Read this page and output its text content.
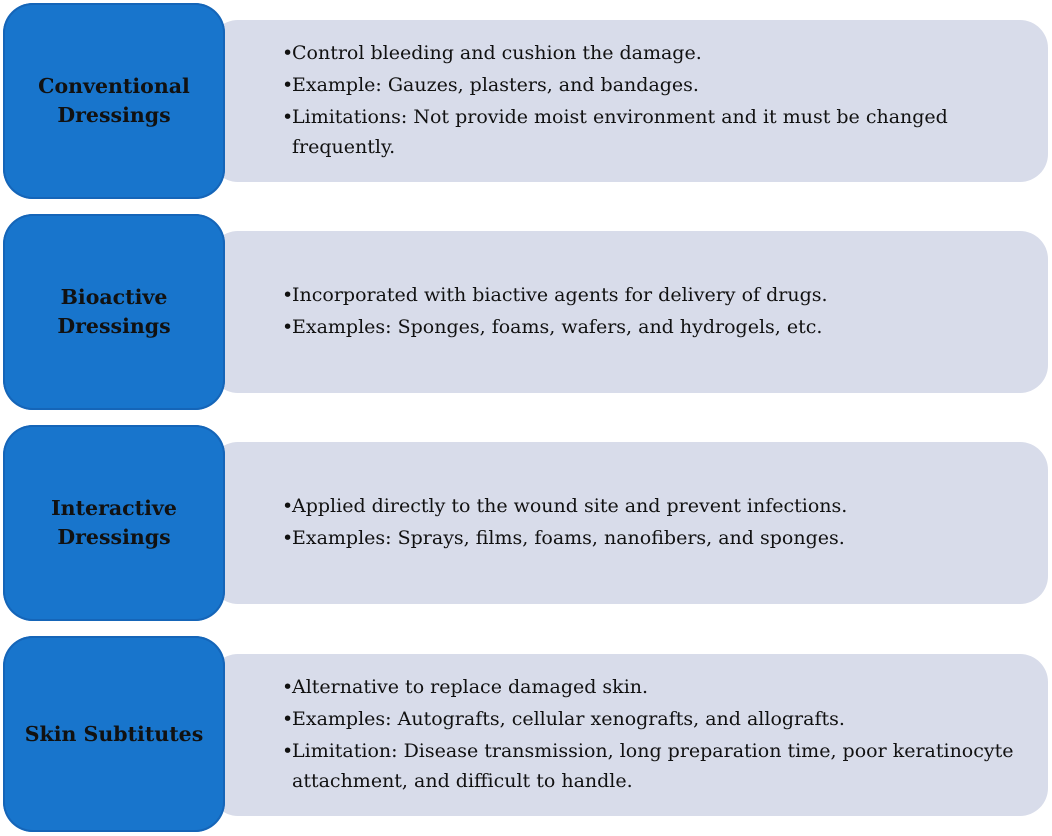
•
Control bleeding and cushion the damage.
•
Example: Gauzes, plasters, and bandages.
•
Limitations: Not provide moist environment and it must be changed frequently.
Conventional
Dressings
•
Incorporated with biactive agents for delivery of drugs.
•
Examples: Sponges, foams, wafers, and hydrogels, etc.
Bioactive
Dressings
•
Applied directly to the wound site and prevent infections.
•
Examples: Sprays, films, foams, nanofibers, and sponges.
Interactive
Dressings
•
Alternative to replace damaged skin.
•
Examples: Autografts, cellular xenografts, and allografts.
•
Limitation: Disease transmission, long preparation time, poor keratinocyte attachment, and difficult to handle.
Skin Subtitutes
